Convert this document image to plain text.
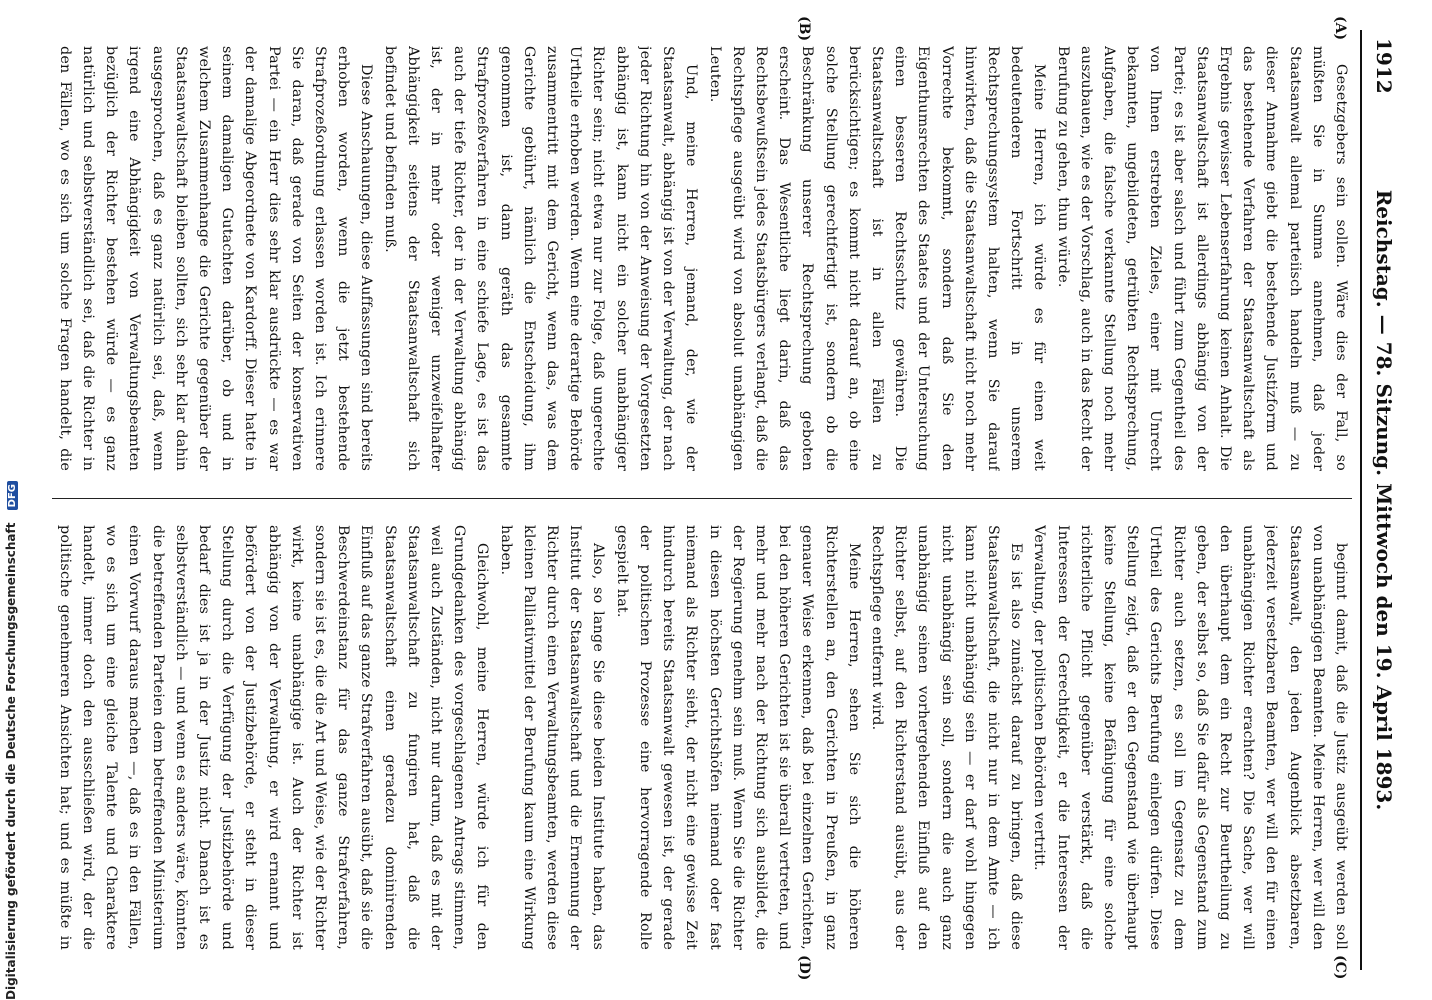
1912
Reichstag. — 78. Sitzung. Mittwoch den 19. April 1893.
(A)
(B)
(C)
(D)

Gesetzgebers sein sollen. Wäre dies der Fall, so müßten Sie in Summa annehmen, daß jeder Staatsanwalt allemal parteiisch handeln muß — zu dieser Annahme giebt die bestehende Justizform und das bestehende Verfahren der Staatsanwaltschaft als Ergebnis gewisser Lebenserfahrung keinen Anhalt. Die Staatsanwaltschaft ist allerdings abhängig von der Partei; es ist aber salsch und führt zum Gegentheil des von Ihnen erstrebten Zieles, einer mit Unrecht bekannten, ungebildeten, getrübten Rechtsprechung, Aufgaben, die falsche verkannte Stellung noch mehr auszubauen, wie es der Vorschlag, auch in das Recht der Berufung zu gehen, thun würde.

Meine Herren, ich würde es für einen weit bedeutenderen Fortschritt in unserem Rechtsprechungssystem halten, wenn Sie darauf hinwirkten, daß die Staatsanwaltschaft nicht noch mehr Vorrechte bekommt, sondern daß Sie den Eigenthumsrechten des Staates und der Untersuchung einen besseren Rechtsschutz gewähren. Die Staatsanwaltschaft ist in allen Fällen zu berücksichtigen; es kommt nicht darauf an, ob eine solche Stellung gerechtfertigt ist, sondern ob die Beschränkung unserer Rechtsprechung geboten erscheint. Das Wesentliche liegt darin, daß das Rechtsbewußtsein jedes Staatsbürgers verlangt, daß die Rechtspflege ausgeübt wird von absolut unabhängigen Leuten.

Und, meine Herren, jemand, der, wie der Staatsanwalt, abhängig ist von der Verwaltung, der nach jeder Richtung hin von der Anweisung der Vorgesetzten abhängig ist, kann nicht ein solcher unabhängiger Richter sein; nicht etwa nur zur Folge, daß ungerechte Urtheile erhoben werden. Wenn eine derartige Behörde zusammentritt mit dem Gericht, wenn das, was dem Gerichte gebührt, nämlich die Entscheidung, ihm genommen ist, dann geräth das gesammte Strafprozeßverfahren in eine schiefe Lage, es ist das auch der tiefe Richter, der in der Verwaltung abhängig ist, der in mehr oder weniger unzweifelhafter Abhängigkeit seitens der Staatsanwaltschaft sich befindet und befinden muß.

Diese Anschauungen, diese Auffassungen sind bereits erhoben worden, wenn die jetzt bestehende Strafprozeßordnung erlassen worden ist. Ich erinnere Sie daran, daß gerade von Seiten der konservativen Partei — ein Herr dies sehr klar ausdrückte — es war der damalige Abgeordnete von Kardorff. Dieser hatte in seinem damaligen Gutachten darüber, ob und in welchem Zusammenhange die Gerichte gegenüber der Staatsanwaltschaft bleiben sollten, sich sehr klar dahin ausgesprochen, daß es ganz natürlich sei, daß, wenn irgend eine Abhängigkeit von Verwaltungsbeamten bezüglich der Richter bestehen würde — es ganz natürlich und selbstverständlich sei, daß die Richter in den Fällen, wo es sich um solche Fragen handelt, die

beginnt damit, daß die Justiz ausgeübt werden soll von unabhängigen Beamten. Meine Herren, wer will den Staatsanwalt, den jeden Augenblick absetzbaren, jederzeit versetzbaren Beamten, wer will den für einen unabhängigen Richter erachten? Die Sache, wer will den überhaupt dem ein Recht zur Beurtheilung zu geben, der selbst so, daß Sie dafür als Gegenstand zum Richter auch setzen, es soll im Gegensatz zu dem Urtheil des Gerichts Berufung einlegen dürfen. Diese Stellung zeigt, daß er den Gegenstand wie überhaupt keine Stellung, keine Befähigung für eine solche richterliche Pflicht gegenüber verstärkt, daß die Interessen der Gerechtigkeit, er die Interessen der Verwaltung, der politischen Behörden vertritt.

Es ist also zunächst darauf zu bringen, daß diese Staatsanwaltschaft, die nicht nur in dem Amte — ich kann nicht unabhängig sein — er darf wohl hingegen nicht unabhängig sein soll, sondern die auch ganz unabhängig seinen vorhergehenden Einfluß auf den Richter selbst, auf den Richterstand ausübt, aus der Rechtspflege entfernt wird.

Meine Herren, sehen Sie sich die höheren Richterstellen an, den Gerichten in Preußen, in ganz genauer Weise erkennen, daß bei einzelnen Gerichten, bei den höheren Gerichten ist sie überall vertreten, und mehr und mehr nach der Richtung sich ausbildet, die der Regierung genehm sein muß. Wenn Sie die Richter in diesen höchsten Gerichtshöfen niemand oder fast niemand als Richter sieht, der nicht eine gewisse Zeit hindurch bereits Staatsanwalt gewesen ist, der gerade der politischen Prozesse eine hervorragende Rolle gespielt hat.

Also, so lange Sie diese beiden Institute haben, das Institut der Staatsanwaltschaft und die Ernennung der Richter durch einen Verwaltungsbeamten, werden diese kleinen Palliativmittel der Berufung kaum eine Wirkung haben.

Gleichwohl, meine Herren, würde ich für den Grundgedanken des vorgeschlagenen Antrags stimmen, weil auch Zuständen, nicht nur darum, daß es mit der Staatsanwaltschaft zu fungiren hat, daß die Staatsanwaltschaft einen geradezu dominirenden Einfluß auf das ganze Strafverfahren ausübt, daß sie die Beschwerdeinstanz für das ganze Strafverfahren, sondern sie ist es, die die Art und Weise, wie der Richter wirkt, keine unabhängige ist. Auch der Richter ist abhängig von der Verwaltung, er wird ernannt und befördert von der Justizbehörde, er steht in dieser Stellung durch die Verfügung der Justizbehörde und bedarf dies ist ja in der Justiz nicht. Danach ist es selbstverständlich — und wenn es anders wäre, könnten die betreffenden Parteien dem betreffenden Ministerium einen Vorwurf daraus machen —, daß es in den Fällen, wo es sich um eine gleiche Talente und Charaktere handelt, immer doch den ausschließen wird, der die politische genehmeren Ansichten hat; und es müßte in

Digitalisierung gefördert durch die Deutsche Forschungsgemeinschaft DFG
